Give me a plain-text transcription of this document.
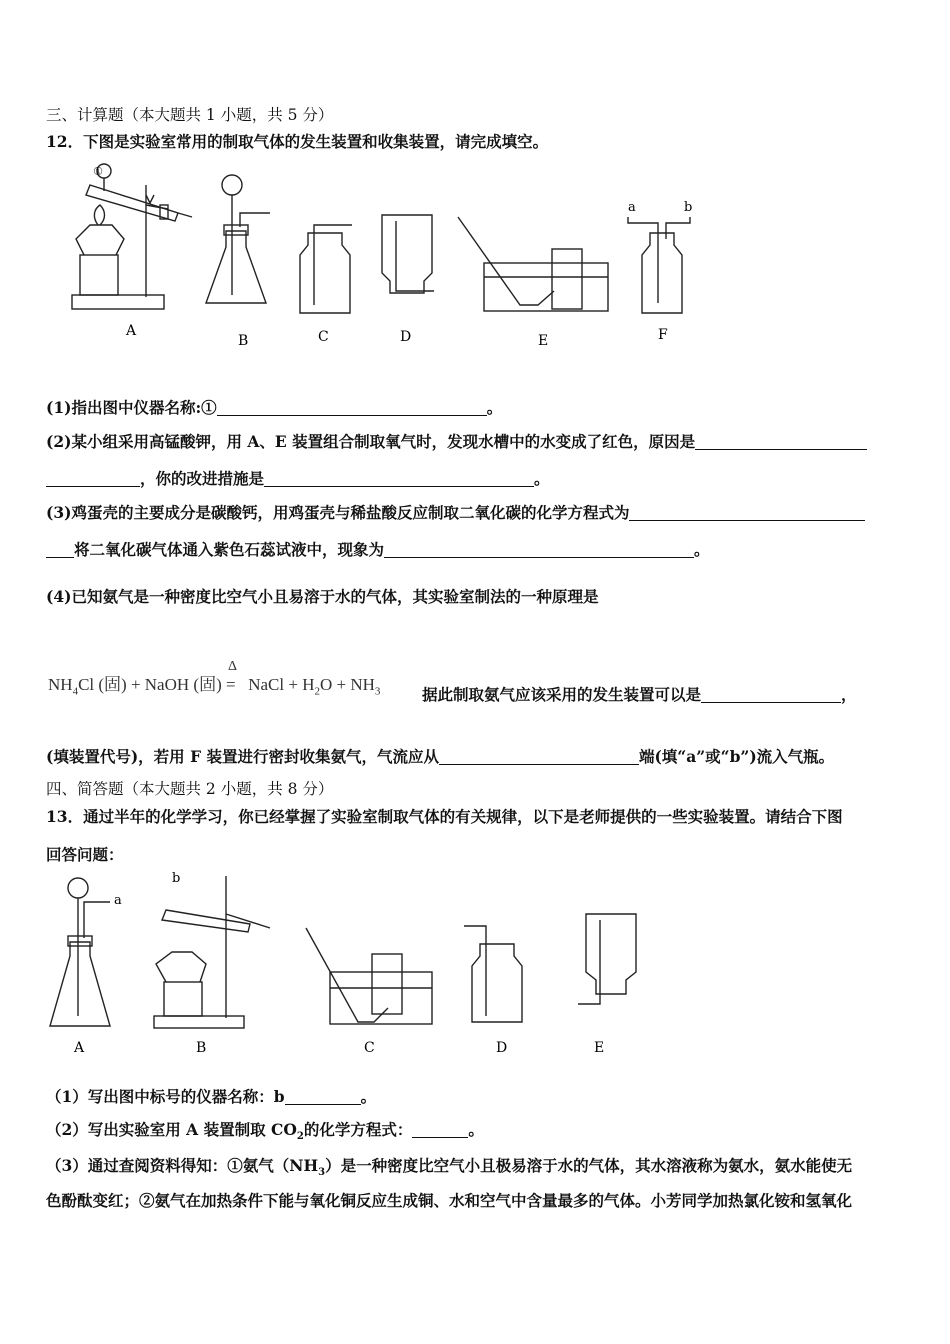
三、计算题（本大题共 1 小题，共 5 分）
12．下图是实验室常用的制取气体的发生装置和收集装置，请完成填空。
A
①
B	C	D	E
a	b
F
(1)指出图中仪器名称:①	。
(2)某小组采用高锰酸钾，用 A、E 装置组合制取氧气时，发现水槽中的水变成了红色，原因是
，你的改进措施是	。
(3)鸡蛋壳的主要成分是碳酸钙，用鸡蛋壳与稀盐酸反应制取二氧化碳的化学方程式为
将二氧化碳气体通入紫色石蕊试液中，现象为	。
(4)已知氨气是一种密度比空气小且易溶于水的气体，其实验室制法的一种原理是
$NH_4Cl$ (固) + NaOH (固)
Δ
= NaCl + $H_2O + NH_3$	据此制取氨气应该采用的发生装置可以是	，
(填装置代号)，若用 F 装置进行密封收集氨气，气流应从	端(填“a”或“b”)流入气瓶。
四、简答题（本大题共 2 小题，共 8 分）
13．通过半年的化学学习，你已经掌握了实验室制取气体的有关规律，以下是老师提供的一些实验装置。请结合下图
回答问题：
a
A
b
B	C	D	E
（1）写出图中标号的仪器名称：b	。
（2）写出实验室用 A 装置制取 $CO_2$的化学方程式：	。
（3）通过查阅资料得知：①氨气$(NH_3)$是一种密度比空气小且极易溶于水的气体，其水溶液称为氨水，氨水能使无
色酚酞变红；②氨气在加热条件下能与氧化铜反应生成铜、水和空气中含量最多的气体。小芳同学加热氯化铵和氢氧化
